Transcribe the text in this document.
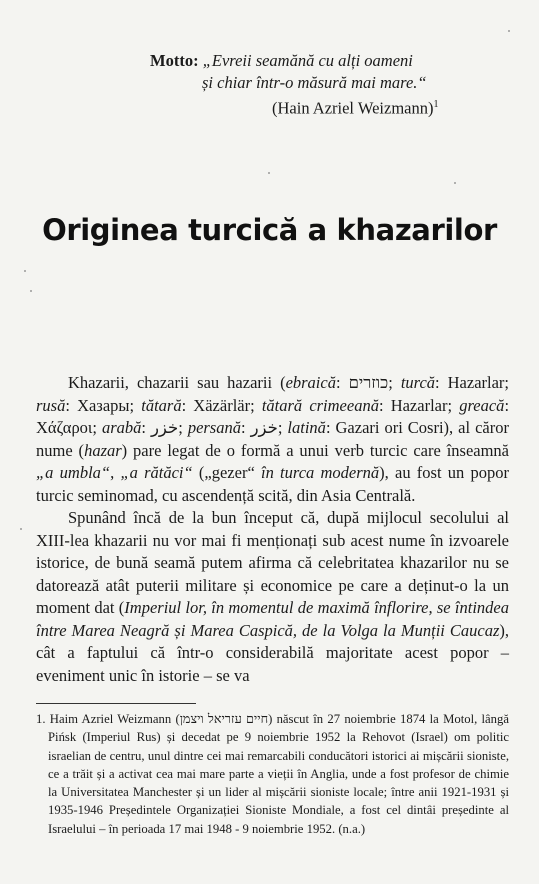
Motto: „Evreii seamănă cu alți oameni
și chiar într-o măsură mai mare.“
(Hain Azriel Weizmann)$^1$
Originea turcică a khazarilor

Khazarii, chazarii sau hazarii (ebraică: כוזרים; turcă: Hazarlar; rusă: Хазары; tătară: Xäzärlär; tătară crimeeană: Hazarlar; greacă: Χάζαροι; arabă: خزر; persană: خزر; latină: Gazari ori Cosri), al căror nume (hazar) pare legat de o formă a unui verb turcic care înseamnă „a umbla“, „a rătăci“ („gezer“ în turca modernă), au fost un popor turcic seminomad, cu ascendență scită, din Asia Centrală.

Spunând încă de la bun început că, după mijlocul secolului al XIII-lea khazarii nu vor mai fi menționați sub acest nume în izvoarele istorice, de bună seamă putem afirma că celebritatea khazarilor nu se datorează atât puterii militare și economice pe care a deținut-o la un moment dat (Imperiul lor, în momentul de maximă înflorire, se întindea între Marea Neagră și Marea Caspică, de la Volga la Munții Caucaz), cât a faptului că într-o considerabilă majoritate acest popor – eveniment unic în istorie – se va

1. Haim Azriel Weizmann (חיים עזריאל ויצמן) născut în 27 noiembrie 1874 la Motol, lângă Pińsk (Imperiul Rus) și decedat pe 9 noiembrie 1952 la Rehovot (Israel) om politic israelian de centru, unul dintre cei mai remarcabili conducători istorici ai mișcării sioniste, ce a trăit și a activat cea mai mare parte a vieții în Anglia, unde a fost profesor de chimie la Universitatea Manchester și un lider al mișcării sioniste locale; între anii 1921-1931 și 1935-1946 Președintele Organizației Sioniste Mondiale, a fost cel dintâi președinte al Israelului – în perioada 17 mai 1948 - 9 noiembrie 1952. (n.a.)
